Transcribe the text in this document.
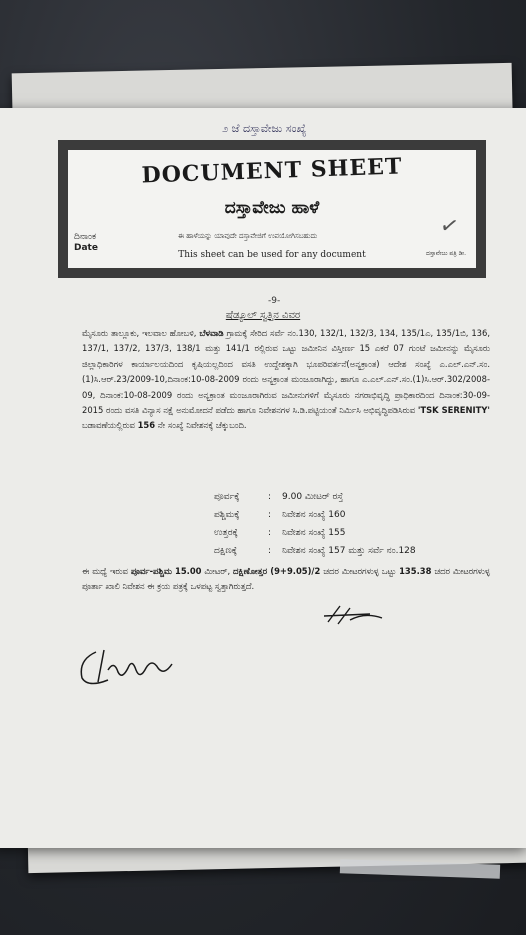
೨ ಜೆ ದಸ್ತಾವೇಜು ಸಂಖ್ಯೆ
DOCUMENT SHEET
ದಸ್ತಾವೇಜು ಹಾಳೆ
ದಿನಾಂಕ
Date
ಈ ಹಾಳೆಯನ್ನು ಯಾವುದೇ ದಸ್ತಾವೇಜಿಗೆ ಉಪಯೋಗಿಸಬಹುದು
This sheet can be used for any document	ದಸ್ತಾವೇಜು ಪತ್ರಿ ಡೀ.
✓
-9-
ಷೆಡ್ಯೂಲ್ ಸ್ವತ್ತಿನ ವಿವರ
ಮೈಸೂರು ತಾಲ್ಲೂಕು, ಇಲವಾಲ ಹೋಬಳಿ, ಬೆಳವಾಡಿ ಗ್ರಾಮಕ್ಕೆ ಸೇರಿದ ಸರ್ವೆ ನಂ.130, 132/1, 132/3, 134, 135/1ಎ, 135/1ಬಿ, 136, 137/1, 137/2, 137/3, 138/1 ಮತ್ತು 141/1 ರಲ್ಲಿರುವ ಒಟ್ಟು ಜಮೀನಿನ ವಿಸ್ತೀರ್ಣ 15 ಎಕರೆ 07 ಗುಂಟೆ ಜಮೀನನ್ನು ಮೈಸೂರು ಜಿಲ್ಲಾಧಿಕಾರಿಗಳ ಕಾರ್ಯಾಲಯದಿಂದ ಕೃಷಿಯಲ್ಲದಿಂದ ವಸತಿ ಉದ್ದೇಶಕ್ಕಾಗಿ ಭೂಪರಿವರ್ತನೆ(ಅನ್ಯಕ್ರಾಂತ) ಆದೇಶ ಸಂಖ್ಯೆ ಎ.ಎಲ್.ಎನ್.ಸಂ.(1)ಸಿ.ಆರ್.23/2009-10,ದಿನಾಂಕ:10-08-2009 ರಂದು ಅನ್ಯಕ್ರಾಂತ ಮಂಜೂರಾಗಿದ್ದು, ಹಾಗೂ ಎ.ಎಲ್.ಎನ್.ಸಂ.(1)ಸಿ.ಆರ್.302/2008-09, ದಿನಾಂಕ:10-08-2009 ರಂದು ಅನ್ಯಕ್ರಾಂತ ಮಂಜೂರಾಗಿರುವ ಜಮೀನುಗಳಿಗೆ ಮೈಸೂರು ನಗರಾಭಿವೃದ್ಧಿ ಪ್ರಾಧಿಕಾರದಿಂದ ದಿನಾಂಕ:30-09-2015 ರಂದು ವಸತಿ ವಿನ್ಯಾಸ ನಕ್ಷೆ ಅನುಮೋದನೆ ಪಡೆದು ಹಾಗೂ ನಿವೇಶನಗಳ ಸಿ.ಡಿ.ಪಟ್ಟಿಯಂತೆ ನಿರ್ಮಿಸಿ ಅಭಿವೃದ್ಧಿಪಡಿಸಿರುವ 'TSK SERENITY' ಬಡಾವಣೆಯಲ್ಲಿರುವ 156 ನೇ ಸಂಖ್ಯೆ ನಿವೇಶನಕ್ಕೆ ಚೆಕ್ಕುಬಂದಿ.
ಪೂರ್ವಕ್ಕೆ	:	9.00 ಮೀಟರ್ ರಸ್ತೆ
ಪಶ್ಚಿಮಕ್ಕೆ	:	ನಿವೇಶನ ಸಂಖ್ಯೆ 160
ಉತ್ತರಕ್ಕೆ	:	ನಿವೇಶನ ಸಂಖ್ಯೆ 155
ದಕ್ಷಿಣಕ್ಕೆ	:	ನಿವೇಶನ ಸಂಖ್ಯೆ 157 ಮತ್ತು ಸರ್ವೆ ನಂ.128
ಈ ಮಧ್ಯೆ ಇರುವ ಪೂರ್ವ-ಪಶ್ಚಿಮ 15.00 ಮೀಟರ್, ದಕ್ಷಿಣೋತ್ತರ (9+9.05)/2 ಚದರ ಮೀಟರಗಳುಳ್ಳ ಒಟ್ಟು 135.38 ಚದರ ಮೀಟರಗಳುಳ್ಳ ಪೂರ್ತಾ ಖಾಲಿ ನಿವೇಶನ ಈ ಕ್ರಯ ಪತ್ರಕ್ಕೆ ಒಳಪಟ್ಟ ಸ್ವತ್ತಾಗಿರುತ್ತದೆ.
